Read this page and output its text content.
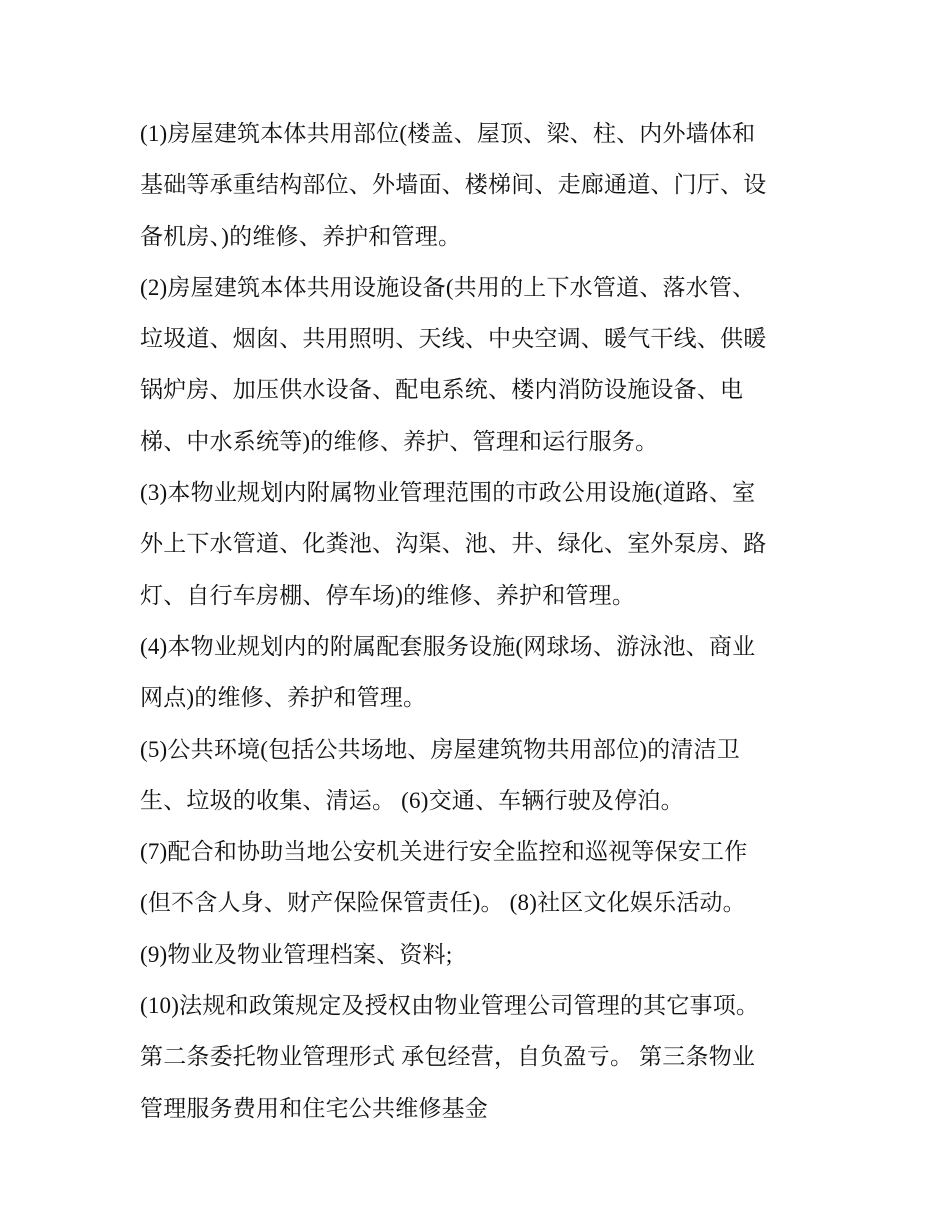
(1)房屋建筑本体共用部位(楼盖、屋顶、梁、柱、内外墙体和
基础等承重结构部位、外墙面、楼梯间、走廊通道、门厅、设
备机房、)的维修、养护和管理。
(2)房屋建筑本体共用设施设备(共用的上下水管道、落水管、
垃圾道、烟囱、共用照明、天线、中央空调、暖气干线、供暖
锅炉房、加压供水设备、配电系统、楼内消防设施设备、电
梯、中水系统等)的维修、养护、管理和运行服务。
(3)本物业规划内附属物业管理范围的市政公用设施(道路、室
外上下水管道、化粪池、沟渠、池、井、绿化、室外泵房、路
灯、自行车房棚、停车场)的维修、养护和管理。
(4)本物业规划内的附属配套服务设施(网球场、游泳池、商业
网点)的维修、养护和管理。
(5)公共环境(包括公共场地、房屋建筑物共用部位)的清洁卫
生、垃圾的收集、清运。 (6)交通、车辆行驶及停泊。
(7)配合和协助当地公安机关进行安全监控和巡视等保安工作
(但不含人身、财产保险保管责任)。 (8)社区文化娱乐活动。
(9)物业及物业管理档案、资料;
(10)法规和政策规定及授权由物业管理公司管理的其它事项。
第二条委托物业管理形式 承包经营，自负盈亏。 第三条物业
管理服务费用和住宅公共维修基金
